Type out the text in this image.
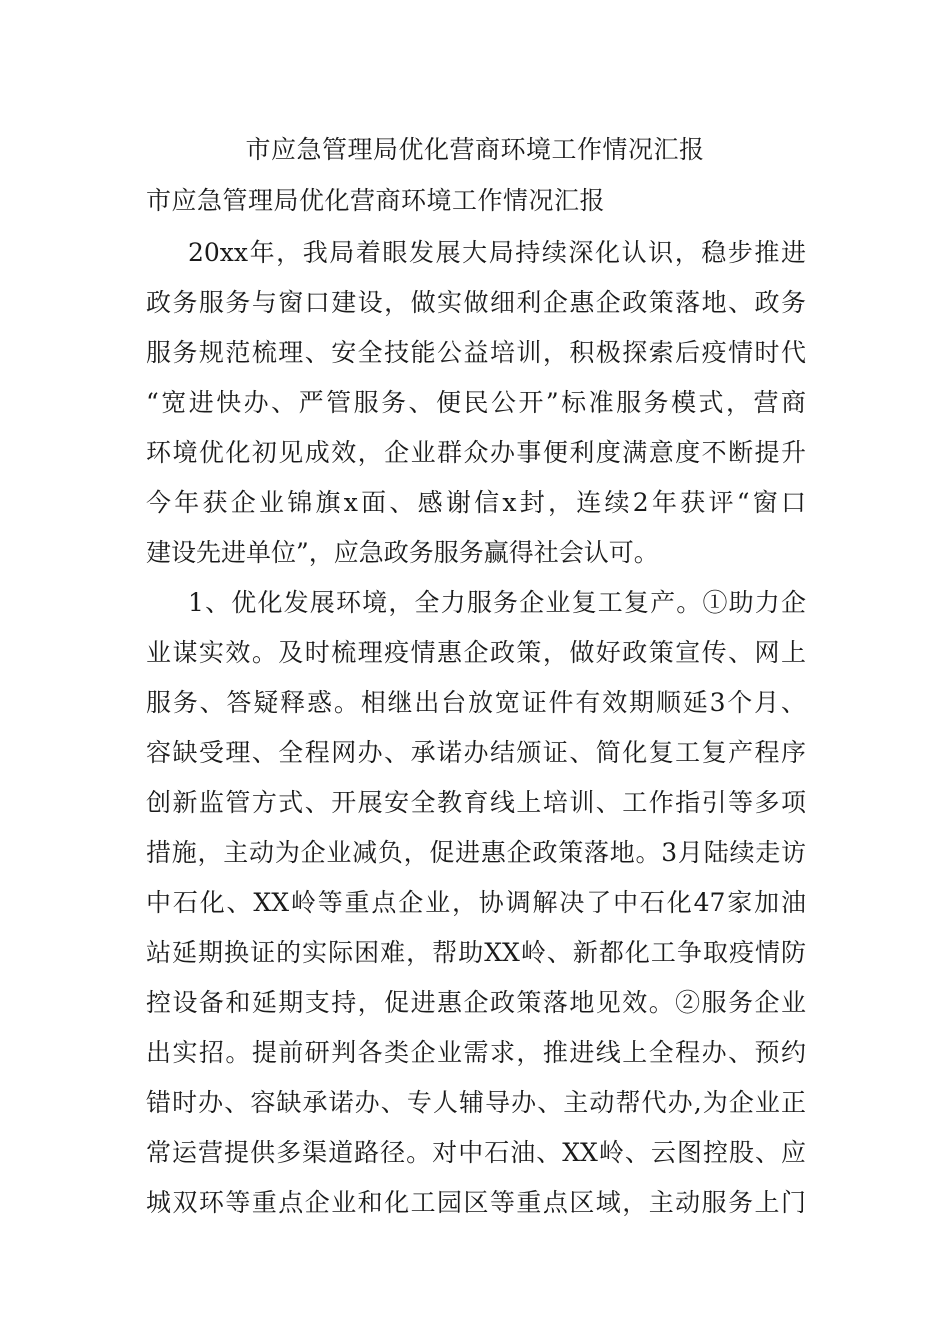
市应急管理局优化营商环境工作情况汇报
市应急管理局优化营商环境工作情况汇报
20xx年，我局着眼发展大局持续深化认识，稳步推进
政务服务与窗口建设，做实做细利企惠企政策落地、政务
服务规范梳理、安全技能公益培训，积极探索后疫情时代
“宽进快办、严管服务、便民公开”标准服务模式，营商
环境优化初见成效，企业群众办事便利度满意度不断提升
今年获企业锦旗x面、感谢信x封，连续2年获评“窗口
建设先进单位”，应急政务服务赢得社会认可。
1、优化发展环境，全力服务企业复工复产。①助力企
业谋实效。及时梳理疫情惠企政策，做好政策宣传、网上
服务、答疑释惑。相继出台放宽证件有效期顺延3个月、
容缺受理、全程网办、承诺办结颁证、简化复工复产程序
创新监管方式、开展安全教育线上培训、工作指引等多项
措施，主动为企业减负，促进惠企政策落地。3月陆续走访
中石化、XX岭等重点企业，协调解决了中石化47家加油
站延期换证的实际困难，帮助XX岭、新都化工争取疫情防
控设备和延期支持，促进惠企政策落地见效。②服务企业
出实招。提前研判各类企业需求，推进线上全程办、预约
错时办、容缺承诺办、专人辅导办、主动帮代办,为企业正
常运营提供多渠道路径。对中石油、XX岭、云图控股、应
城双环等重点企业和化工园区等重点区域，主动服务上门
